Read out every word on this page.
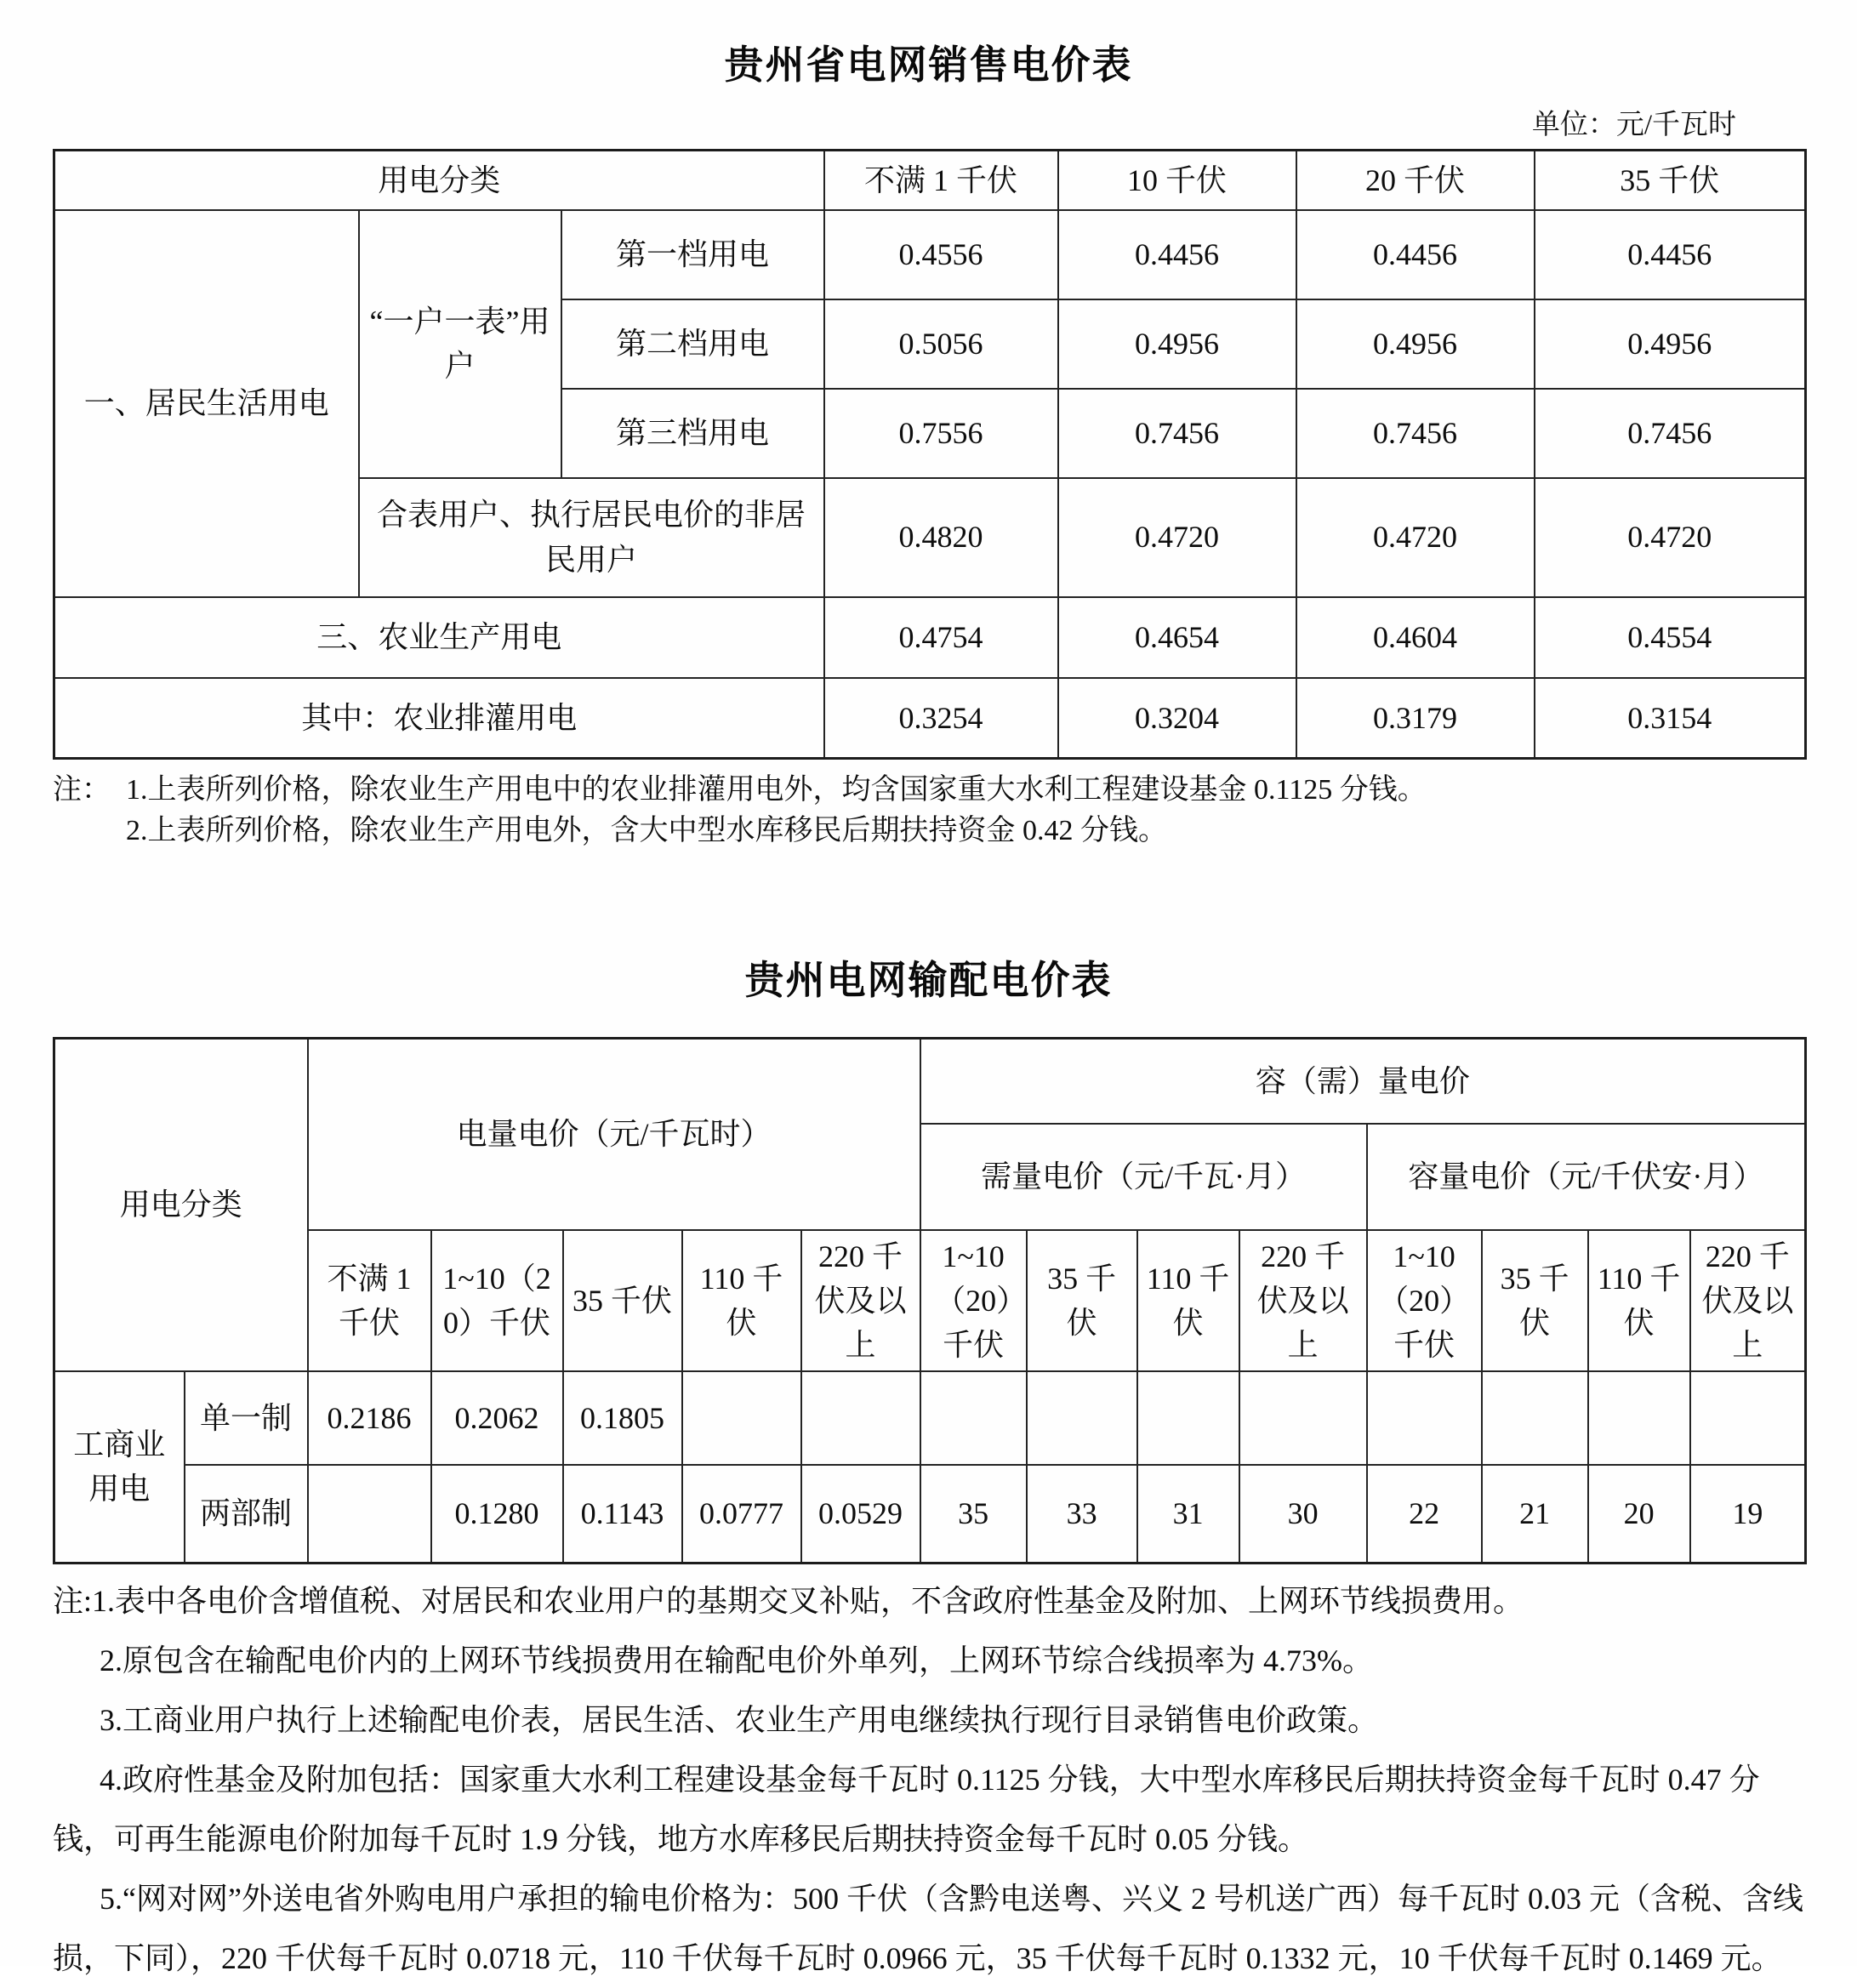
贵州省电网销售电价表
单位：元/千瓦时
用电分类			不满 1 千伏	10 千伏	20 千伏	35 千伏
一、居民生活用电	“一户一表”用户	第一档用电	0.4556	0.4456	0.4456	0.4456
		第二档用电	0.5056	0.4956	0.4956	0.4956
		第三档用电	0.7556	0.7456	0.7456	0.7456
	合表用户、执行居民电价的非居民用户		0.4820	0.4720	0.4720	0.4720
三、农业生产用电			0.4754	0.4654	0.4604	0.4554
其中：农业排灌用电			0.3254	0.3204	0.3179	0.3154
注： 1.上表所列价格，除农业生产用电中的农业排灌用电外，均含国家重大水利工程建设基金 0.1125 分钱。
2.上表所列价格，除农业生产用电外，含大中型水库移民后期扶持资金 0.42 分钱。
贵州电网输配电价表
用电分类		电量电价（元/千瓦时）					容（需）量电价							
							需量电价（元/千瓦·月）				容量电价（元/千伏安·月）			
		不满 1 千伏	1~10（20）千伏	35 千伏	110 千伏	220 千伏及以上	1~10（20）千伏	35 千伏	110 千伏	220 千伏及以上	1~10（20）千伏	35 千伏	110 千伏	220 千伏及以上
工商业用电	单一制	0.2186	0.2062	0.1805										
	两部制		0.1280	0.1143	0.0777	0.0529	35	33	31	30	22	21	20	19

注:1.表中各电价含增值税、对居民和农业用户的基期交叉补贴，不含政府性基金及附加、上网环节线损费用。

2.原包含在输配电价内的上网环节线损费用在输配电价外单列，上网环节综合线损率为 4.73%。

3.工商业用户执行上述输配电价表，居民生活、农业生产用电继续执行现行目录销售电价政策。

4.政府性基金及附加包括：国家重大水利工程建设基金每千瓦时 0.1125 分钱，大中型水库移民后期扶持资金每千瓦时 0.47 分钱，可再生能源电价附加每千瓦时 1.9 分钱，地方水库移民后期扶持资金每千瓦时 0.05 分钱。

5.“网对网”外送电省外购电用户承担的输电价格为：500 千伏（含黔电送粤、兴义 2 号机送广西）每千瓦时 0.03 元（含税、含线损，下同），220 千伏每千瓦时 0.0718 元，110 千伏每千瓦时 0.0966 元，35 千伏每千瓦时 0.1332 元，10 千伏每千瓦时 0.1469 元。
